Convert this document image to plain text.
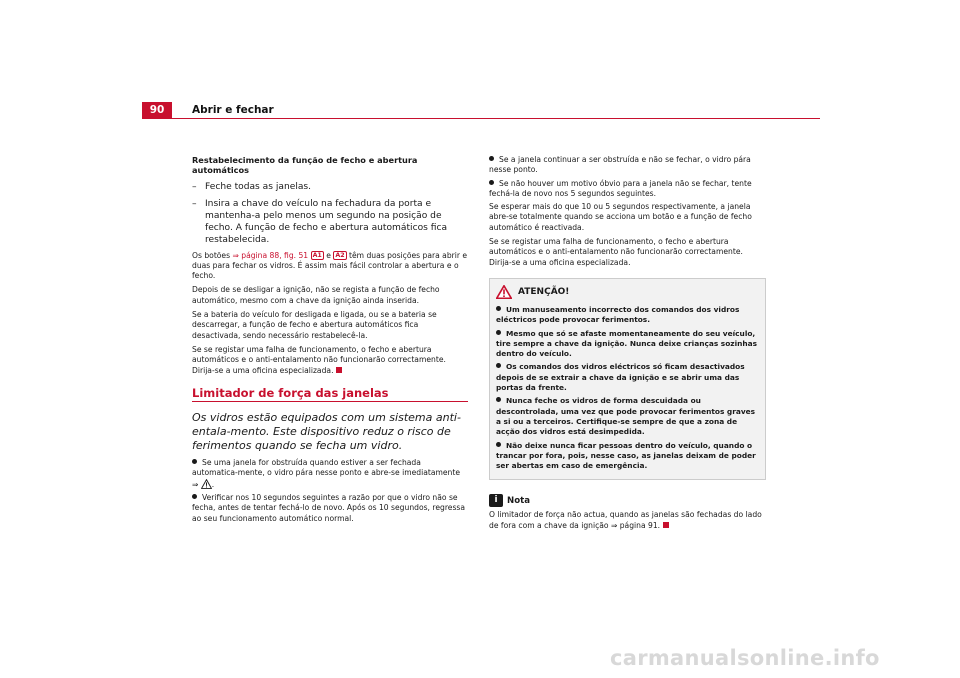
90	Abrir e fechar

Restabelecimento da função de fecho e abertura automáticos

– Feche todas as janelas.
– Insira a chave do veículo na fechadura da porta e mantenha-a pelo menos um segundo na posição de fecho. A função de fecho e abertura automáticos fica restabelecida.

Os botões ⇒ página 88, fig. 51 A1 e A2 têm duas posições para abrir e duas para fechar os vidros. É assim mais fácil controlar a abertura e o fecho.

Depois de se desligar a ignição, não se regista a função de fecho automático, mesmo com a chave da ignição ainda inserida.

Se a bateria do veículo for desligada e ligada, ou se a bateria se descarregar, a função de fecho e abertura automáticos fica desactivada, sendo necessário restabelecê-la.

Se se registar uma falha de funcionamento, o fecho e abertura automáticos e o anti-entalamento não funcionarão correctamente. Dirija-se a uma oficina especializada.

Limitador de força das janelas

Os vidros estão equipados com um sistema anti-entala-mento. Este dispositivo reduz o risco de ferimentos quando se fecha um vidro.

Se uma janela for obstruída quando estiver a ser fechada automatica-mente, o vidro pára nesse ponto e abre-se imediatamente ⇒ .
Verificar nos 10 segundos seguintes a razão por que o vidro não se fecha, antes de tentar fechá-lo de novo. Após os 10 segundos, regressa ao seu funcionamento automático normal.
Se a janela continuar a ser obstruída e não se fechar, o vidro pára nesse ponto.
Se não houver um motivo óbvio para a janela não se fechar, tente fechá-la de novo nos 5 segundos seguintes.

Se esperar mais do que 10 ou 5 segundos respectivamente, a janela abre-se totalmente quando se acciona um botão e a função de fecho automático é reactivada.

Se se registar uma falha de funcionamento, o fecho e abertura automáticos e o anti-entalamento não funcionarão correctamente. Dirija-se a uma oficina especializada.

ATENÇÃO!
Um manuseamento incorrecto dos comandos dos vidros eléctricos pode provocar ferimentos.
Mesmo que só se afaste momentaneamente do seu veículo, tire sempre a chave da ignição. Nunca deixe crianças sozinhas dentro do veículo.
Os comandos dos vidros eléctricos só ficam desactivados depois de se extrair a chave da ignição e se abrir uma das portas da frente.
Nunca feche os vidros de forma descuidada ou descontrolada, uma vez que pode provocar ferimentos graves a si ou a terceiros. Certifique-se sempre de que a zona de acção dos vidros está desimpedida.
Não deixe nunca ficar pessoas dentro do veículo, quando o trancar por fora, pois, nesse caso, as janelas deixam de poder ser abertas em caso de emergência.
i	Nota

O limitador de força não actua, quando as janelas são fechadas do lado de fora com a chave da ignição ⇒ página 91.

carmanualsonline.info
